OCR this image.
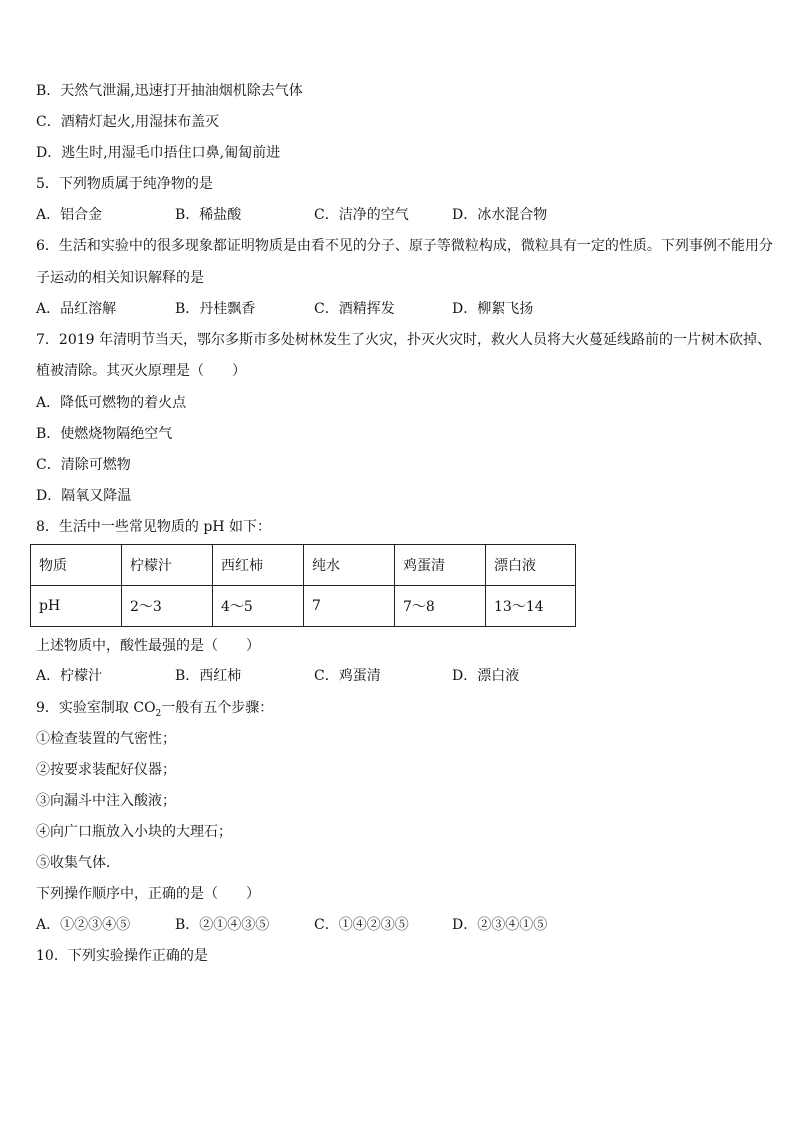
B．天然气泄漏,迅速打开抽油烟机除去气体
C．酒精灯起火,用湿抹布盖灭
D．逃生时,用湿毛巾捂住口鼻,匍匐前进
5．下列物质属于纯净物的是
A．铝合金	B．稀盐酸	C．洁净的空气	D．冰水混合物
6．生活和实验中的很多现象都证明物质是由看不见的分子、原子等微粒构成，微粒具有一定的性质。下列事例不能用分
子运动的相关知识解释的是
A．品红溶解	B．丹桂飘香	C．酒精挥发	D．柳絮飞扬
7．2019 年清明节当天，鄂尔多斯市多处树林发生了火灾，扑灭火灾时，救火人员将大火蔓延线路前的一片树木砍掉、
植被清除。其灭火原理是（　　）
A．降低可燃物的着火点
B．使燃烧物隔绝空气
C．清除可燃物
D．隔氧又降温
8．生活中一些常见物质的 pH 如下：
物质	柠檬汁	西红柿	纯水	鸡蛋清	漂白液
pH	2～3	4～5	7	7～8	13～14
上述物质中，酸性最强的是（　　）
A．柠檬汁	B．西红柿	C．鸡蛋清	D．漂白液
9．实验室制取 $CO_2$一般有五个步骤：
①检查装置的气密性；
②按要求装配好仪器；
③向漏斗中注入酸液；
④向广口瓶放入小块的大理石；
⑤收集气体．
下列操作顺序中，正确的是（　　）
A．①②③④⑤	B．②①④③⑤	C．①④②③⑤	D．②③④①⑤
10．下列实验操作正确的是
